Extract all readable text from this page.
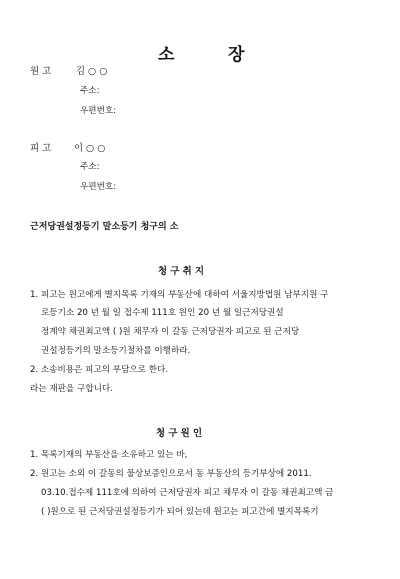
소	장
원 고	김 ○ ○
주소:
우편번호:
피 고 이 ○ ○
주소:
우편번호:
근저당권설정등기 말소등기 청구의 소
청 구 취 지
1. 피고는 원고에게 별지목록 기재의 부동산에 대하여 서울지방법원 남부지원 구
로등기소 20 년 월 일 접수제 111호 원인 20 년 월 일근저당권설
정계약 채권최고액 ( )원 채무자 이 갈동 근저당권자 피고로 된 근저당
권설정등기의 말소등기절차를 이행하라.
2. 소송비용은 피고의 부담으로 한다.
라는 재판을 구합니다.
청 구 원 인
1. 목록기재의 부동산을 소유하고 있는 바,
2. 원고는 소외 이 갈동의 물상보증인으로서 동 부동산의 등기부상에 2011.
03.10.접수제 111호에 의하여 근저당권자 피고 채무자 이 갈동 채권최고액 금
( )원으로 된 근저당권설정등기가 되어 있는데 원고는 피고간에 별지목록기
